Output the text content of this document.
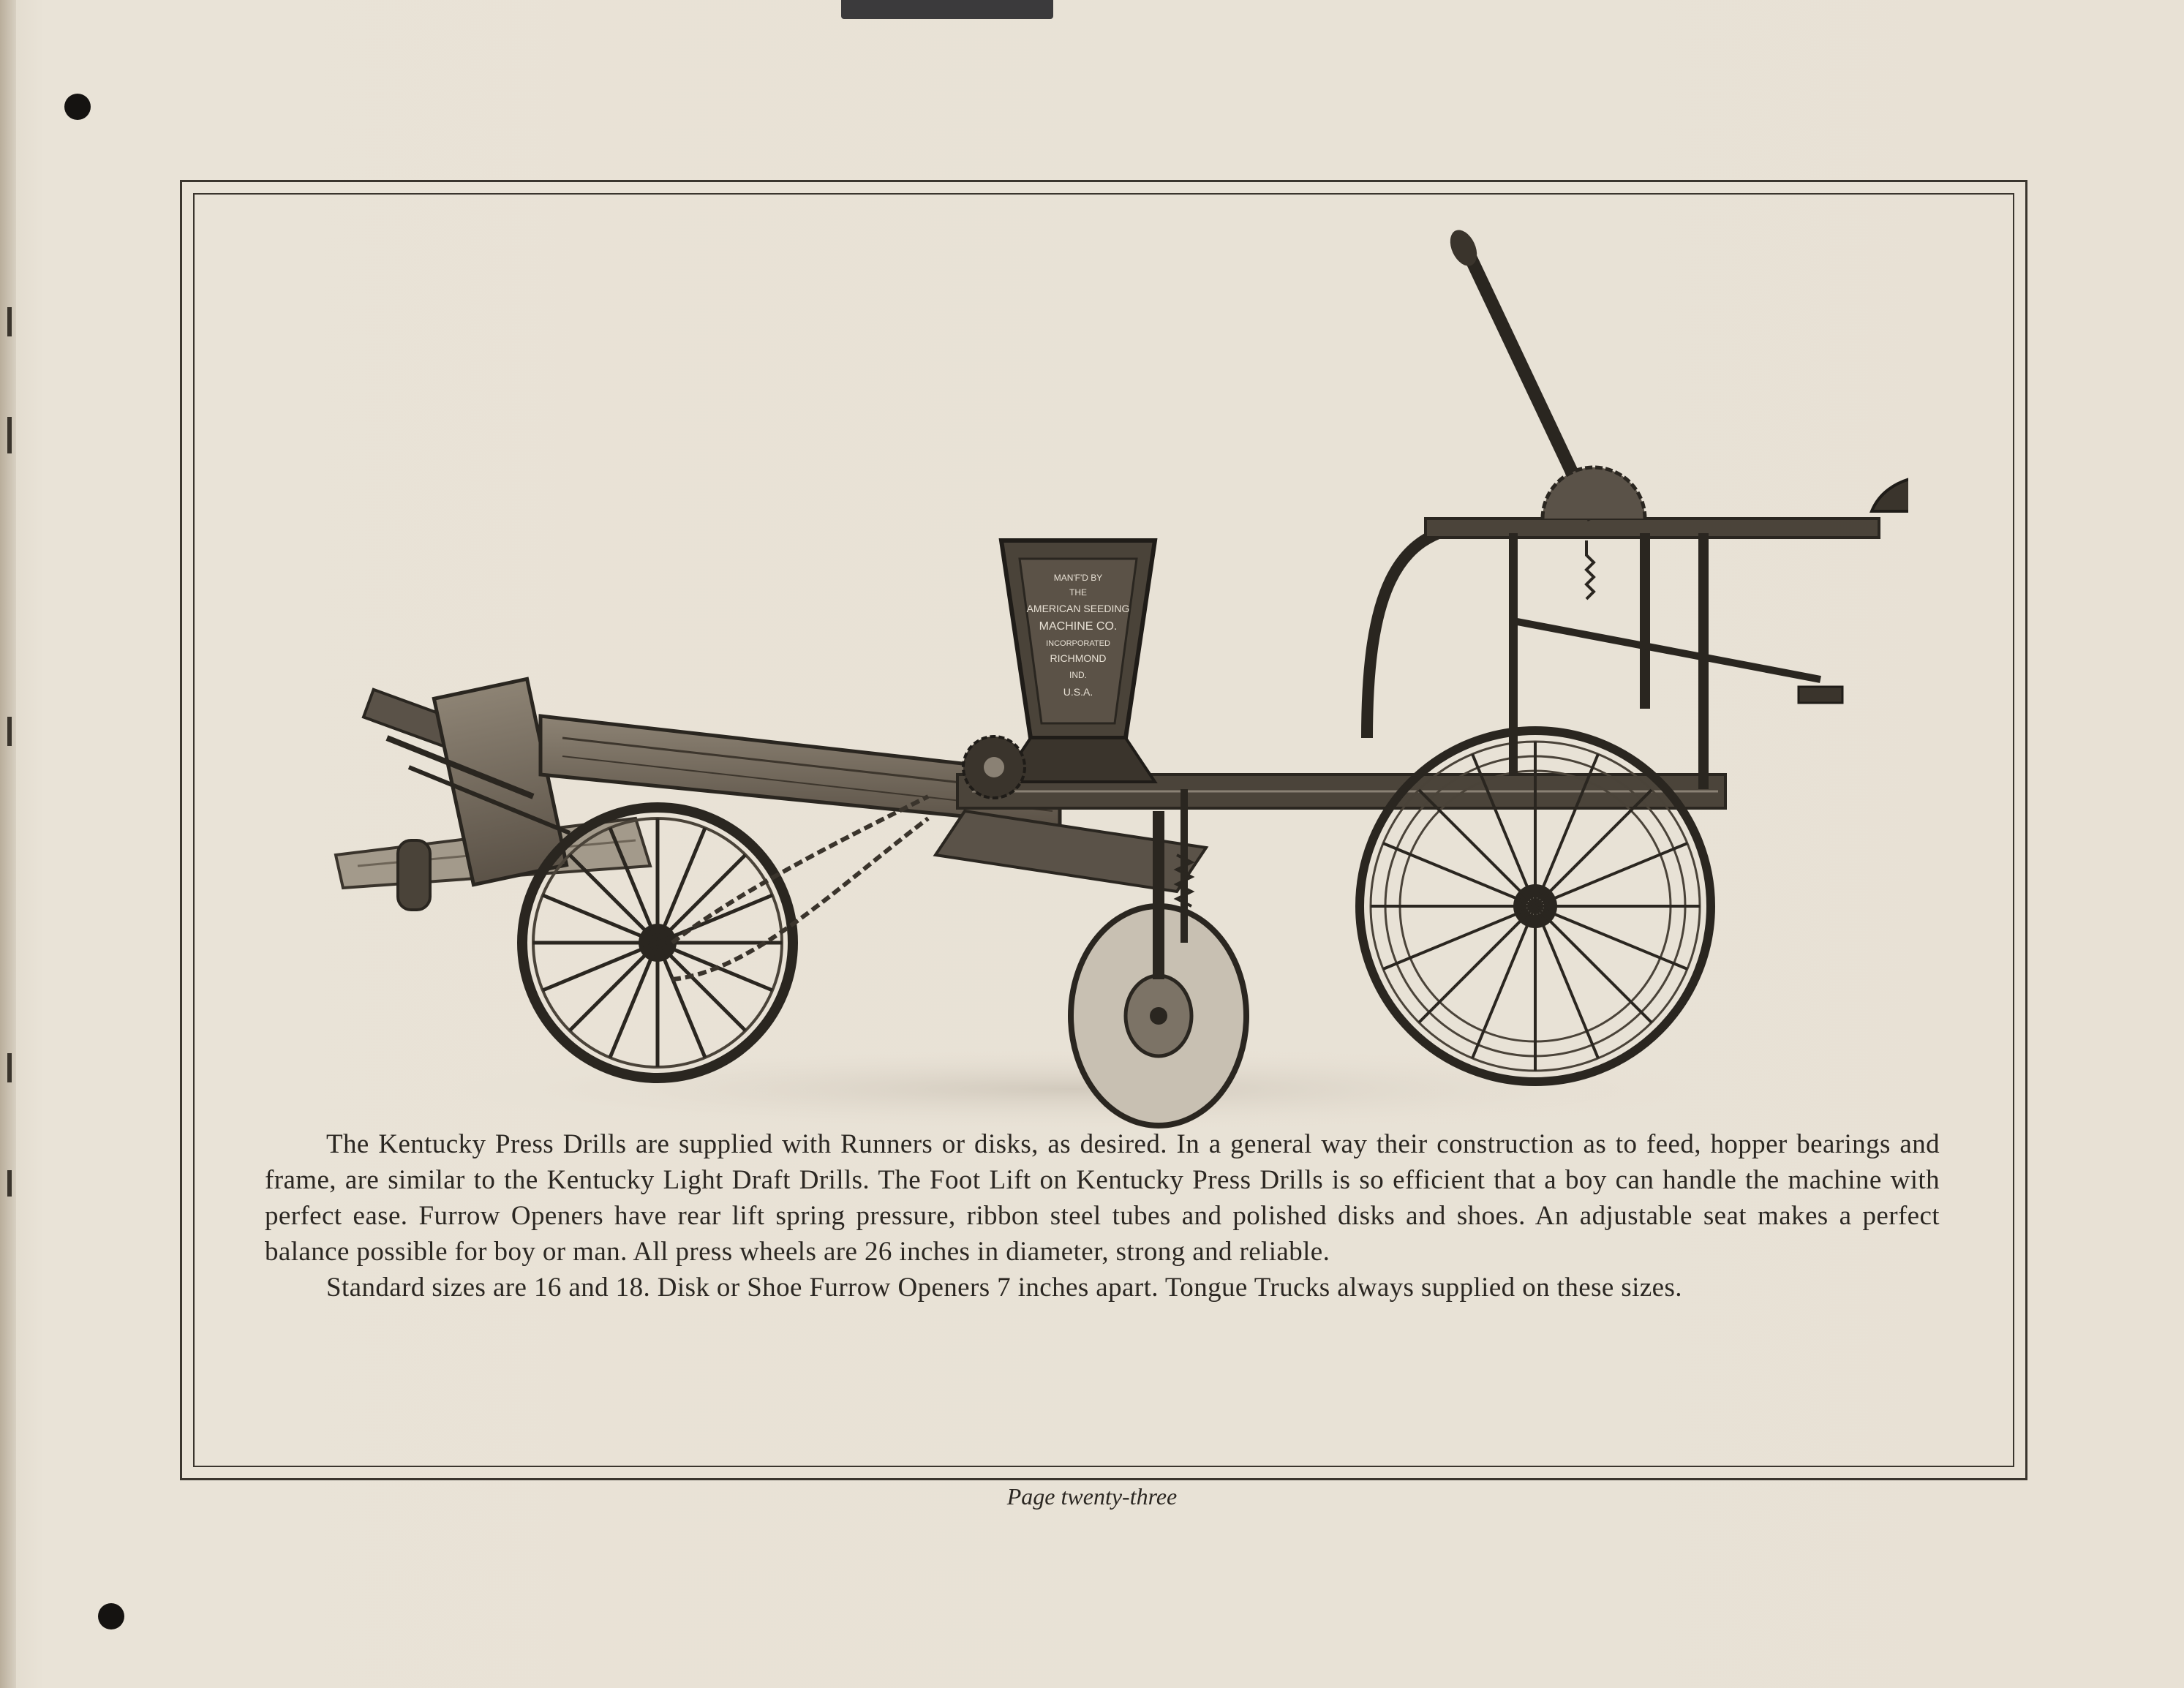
MAN'F'D BY
THE
AMERICAN SEEDING
MACHINE CO.
INCORPORATED
RICHMOND
IND.
U.S.A.

The Kentucky Press Drills are supplied with Runners or disks, as desired. In a general way their construction as to feed, hopper bearings and frame, are similar to the Kentucky Light Draft Drills. The Foot Lift on Kentucky Press Drills is so efficient that a boy can handle the machine with perfect ease. Furrow Openers have rear lift spring pressure, ribbon steel tubes and polished disks and shoes. An adjustable seat makes a perfect balance possible for boy or man. All press wheels are 26 inches in diameter, strong and reliable.

Standard sizes are 16 and 18. Disk or Shoe Furrow Openers 7 inches apart. Tongue Trucks always supplied on these sizes.

Page twenty-three
